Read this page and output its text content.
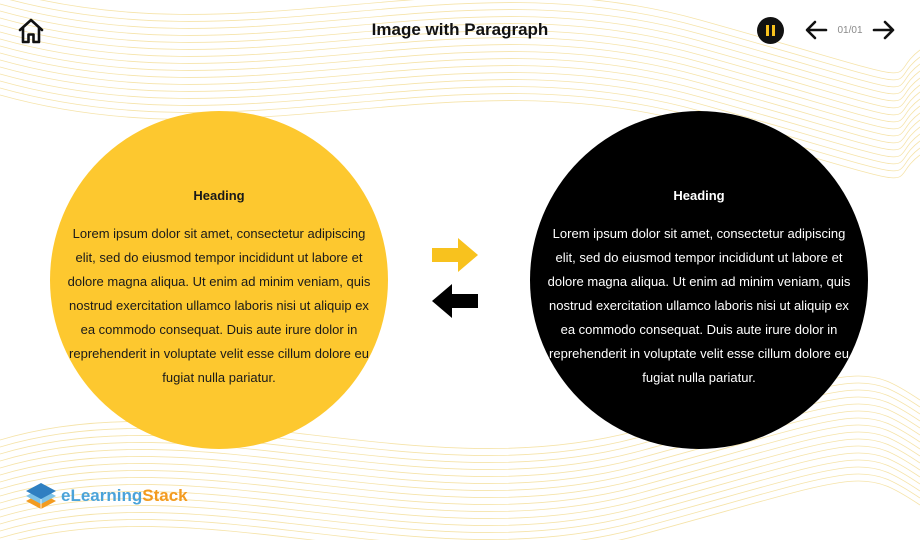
Image with Paragraph	01/01
Heading

Lorem ipsum dolor sit amet, consectetur adipiscing elit, sed do eiusmod tempor incididunt ut labore et dolore magna aliqua. Ut enim ad minim veniam, quis nostrud exercitation ullamco laboris nisi ut aliquip ex ea commodo consequat. Duis aute irure dolor in reprehenderit in voluptate velit esse cillum dolore eu fugiat nulla pariatur.

Heading

Lorem ipsum dolor sit amet, consectetur adipiscing elit, sed do eiusmod tempor incididunt ut labore et dolore magna aliqua. Ut enim ad minim veniam, quis nostrud exercitation ullamco laboris nisi ut aliquip ex ea commodo consequat. Duis aute irure dolor in reprehenderit in voluptate velit esse cillum dolore eu fugiat nulla pariatur.

eLearningStack
